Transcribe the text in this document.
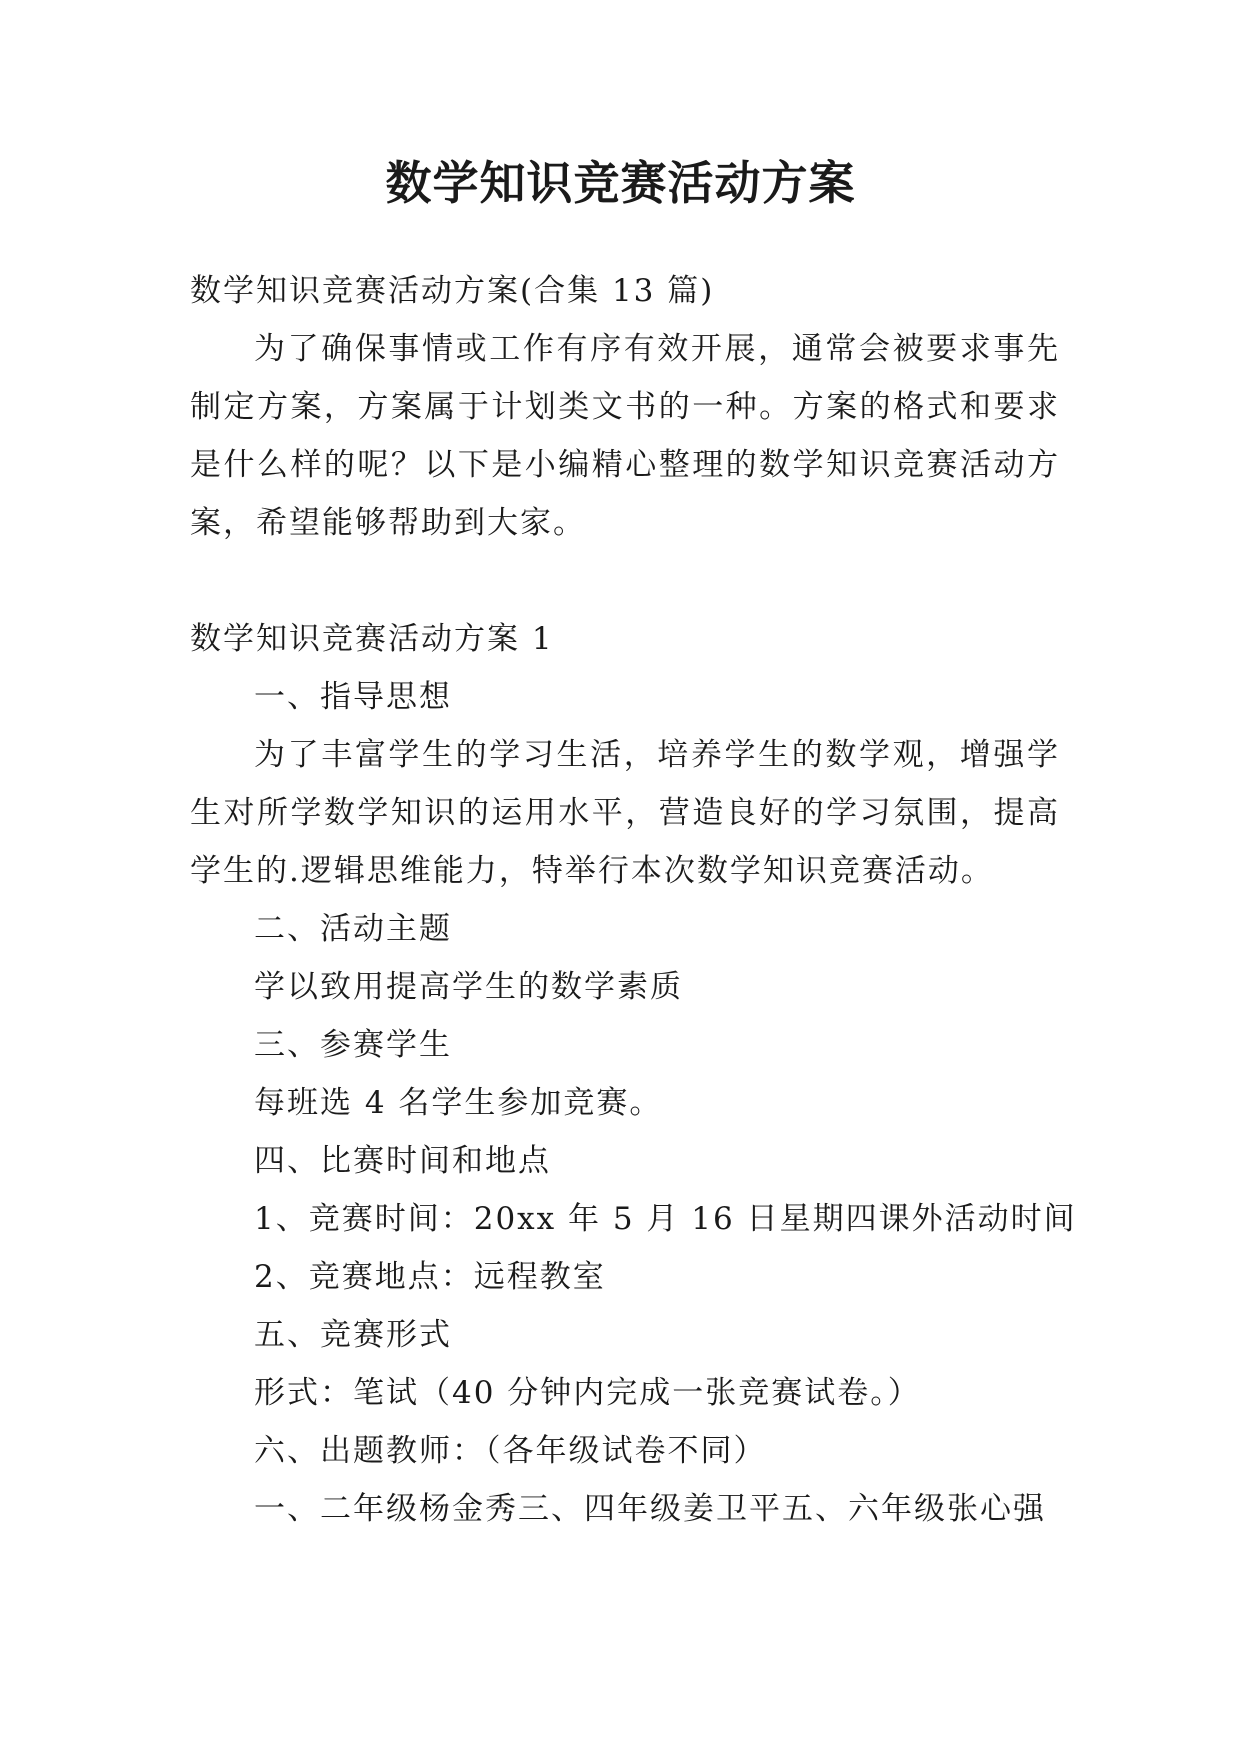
数学知识竞赛活动方案

数学知识竞赛活动方案(合集 13 篇)

为了确保事情或工作有序有效开展，通常会被要求事先制定方案，方案属于计划类文书的一种。方案的格式和要求是什么样的呢？以下是小编精心整理的数学知识竞赛活动方案，希望能够帮助到大家。

数学知识竞赛活动方案 1

一、指导思想

为了丰富学生的学习生活，培养学生的数学观，增强学生对所学数学知识的运用水平，营造良好的学习氛围，提高学生的.逻辑思维能力，特举行本次数学知识竞赛活动。

二、活动主题

学以致用提高学生的数学素质

三、参赛学生

每班选 4 名学生参加竞赛。

四、比赛时间和地点

1、竞赛时间：20xx 年 5 月 16 日星期四课外活动时间

2、竞赛地点：远程教室

五、竞赛形式

形式：笔试（40 分钟内完成一张竞赛试卷。）

六、出题教师：（各年级试卷不同）

一、二年级杨金秀三、四年级姜卫平五、六年级张心强
